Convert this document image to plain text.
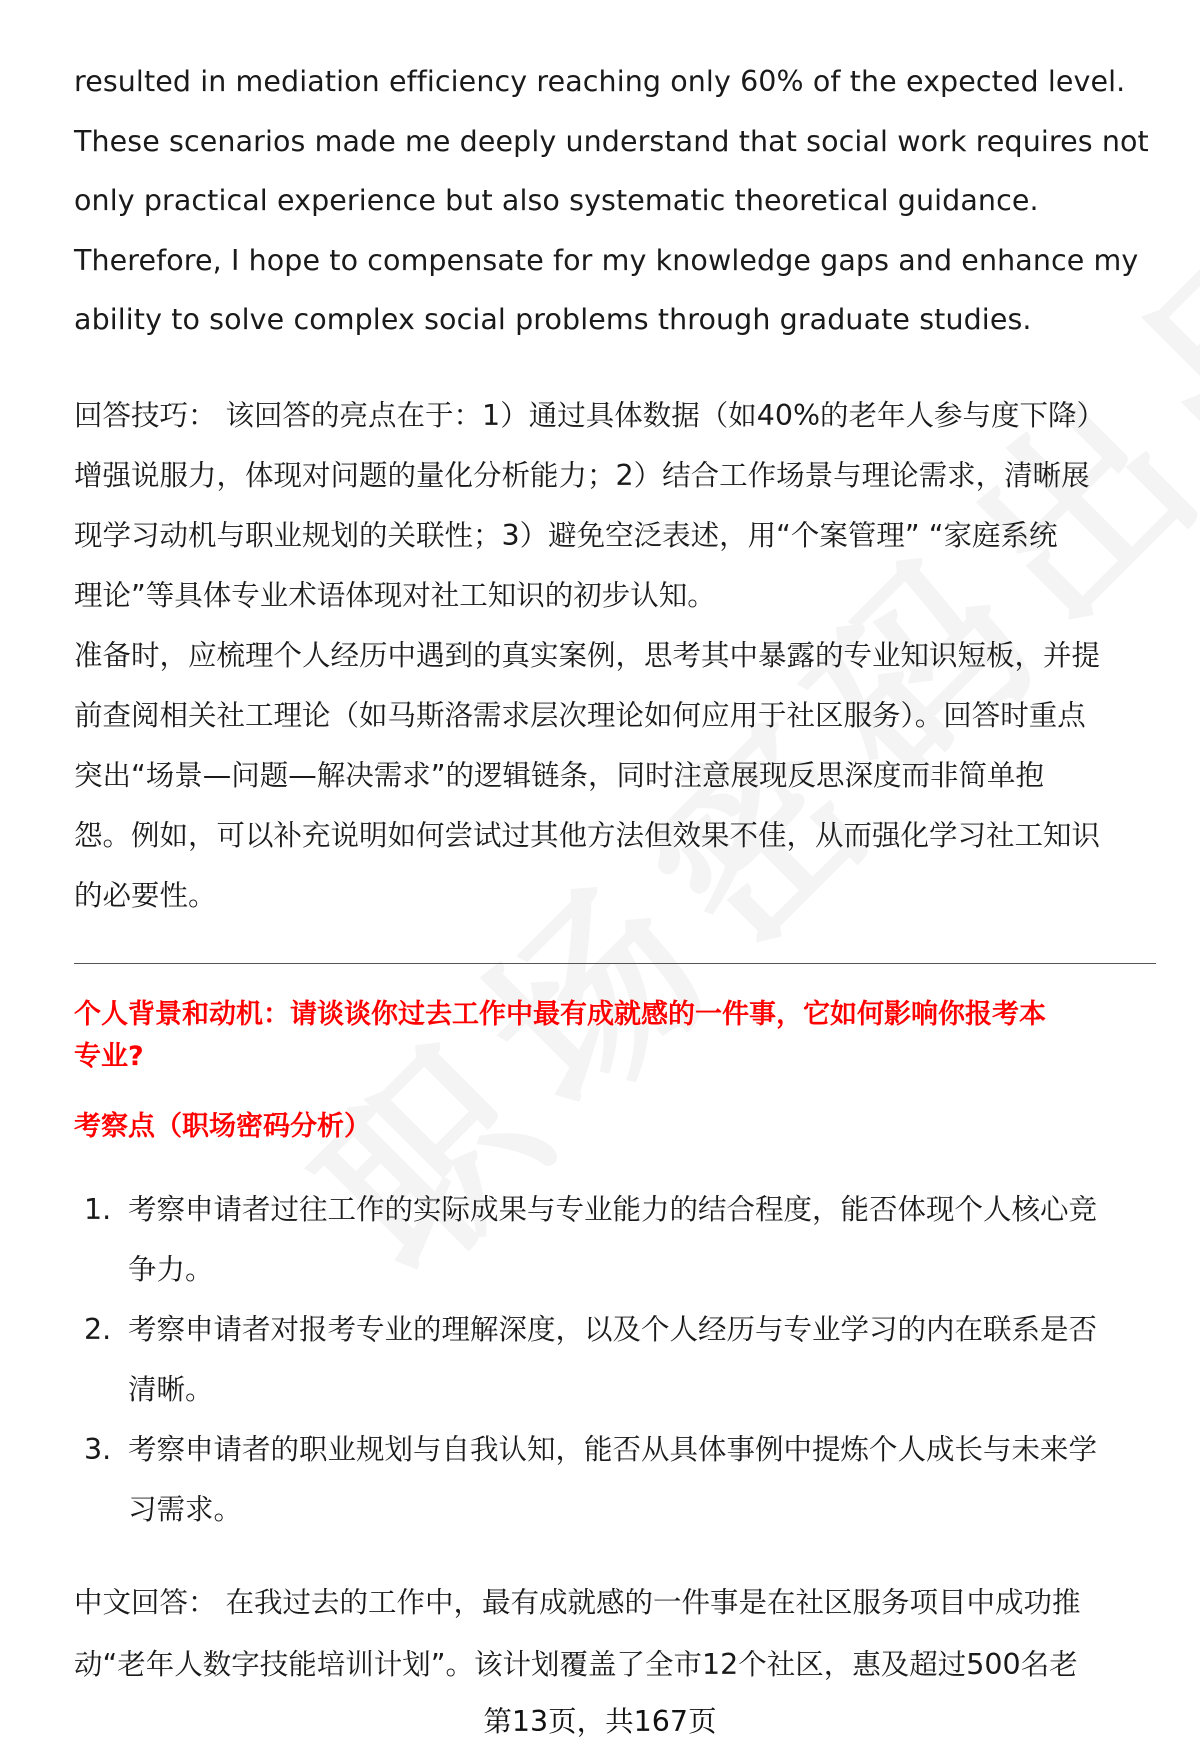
resulted in mediation efficiency reaching only 60% of the expected level.

These scenarios made me deeply understand that social work requires not

only practical experience but also systematic theoretical guidance.

Therefore, I hope to compensate for my knowledge gaps and enhance my

ability to solve complex social problems through graduate studies.

回答技巧： 该回答的亮点在于：1）通过具体数据（如40%的老年人参与度下降）

增强说服力，体现对问题的量化分析能力；2）结合工作场景与理论需求，清晰展

现学习动机与职业规划的关联性；3）避免空泛表述，用“个案管理” “家庭系统

理论”等具体专业术语体现对社工知识的初步认知。

准备时，应梳理个人经历中遇到的真实案例，思考其中暴露的专业知识短板，并提

前查阅相关社工理论（如马斯洛需求层次理论如何应用于社区服务）。回答时重点

突出“场景—问题—解决需求”的逻辑链条，同时注意展现反思深度而非简单抱

怨。例如，可以补充说明如何尝试过其他方法但效果不佳，从而强化学习社工知识

的必要性。

个人背景和动机：请谈谈你过去工作中最有成就感的一件事，它如何影响你报考本

专业?

考察点（职场密码分析）
1. 考察申请者过往工作的实际成果与专业能力的结合程度，能否体现个人核心竞

争力。

2. 考察申请者对报考专业的理解深度，以及个人经历与专业学习的内在联系是否

清晰。

3. 考察申请者的职业规划与自我认知，能否从具体事例中提炼个人成长与未来学

习需求。

中文回答： 在我过去的工作中，最有成就感的一件事是在社区服务项目中成功推

动“老年人数字技能培训计划”。该计划覆盖了全市12个社区，惠及超过500名老

第13页，共167页
